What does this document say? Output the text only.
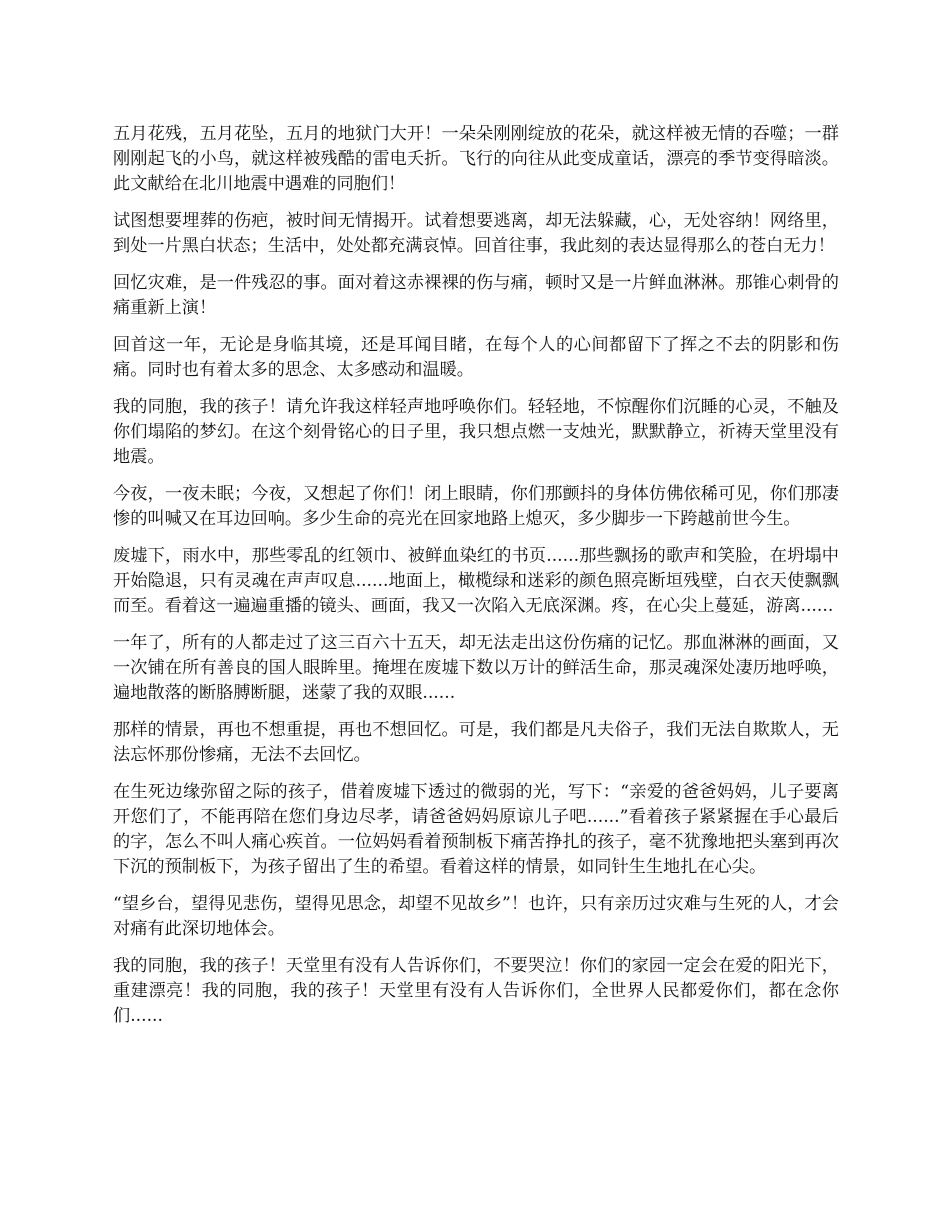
五月花残，五月花坠，五月的地狱门大开！一朵朵刚刚绽放的花朵，就这样被无情的吞噬；一群刚刚起飞的小鸟，就这样被残酷的雷电夭折。飞行的向往从此变成童话，漂亮的季节变得暗淡。此文献给在北川地震中遇难的同胞们！

试图想要埋葬的伤疤，被时间无情揭开。试着想要逃离，却无法躲藏，心，无处容纳！网络里，到处一片黑白状态；生活中，处处都充满哀悼。回首往事，我此刻的表达显得那么的苍白无力！

回忆灾难，是一件残忍的事。面对着这赤裸裸的伤与痛，顿时又是一片鲜血淋淋。那锥心刺骨的痛重新上演！

回首这一年，无论是身临其境，还是耳闻目睹，在每个人的心间都留下了挥之不去的阴影和伤痛。同时也有着太多的思念、太多感动和温暖。

我的同胞，我的孩子！请允许我这样轻声地呼唤你们。轻轻地，不惊醒你们沉睡的心灵，不触及你们塌陷的梦幻。在这个刻骨铭心的日子里，我只想点燃一支烛光，默默静立，祈祷天堂里没有地震。

今夜，一夜未眠；今夜，又想起了你们！闭上眼睛，你们那颤抖的身体仿佛依稀可见，你们那凄惨的叫喊又在耳边回响。多少生命的亮光在回家地路上熄灭，多少脚步一下跨越前世今生。

废墟下，雨水中，那些零乱的红领巾、被鲜血染红的书页......那些飘扬的歌声和笑脸，在坍塌中开始隐退，只有灵魂在声声叹息......地面上，橄榄绿和迷彩的颜色照亮断垣残壁，白衣天使飘飘而至。看着这一遍遍重播的镜头、画面，我又一次陷入无底深渊。疼，在心尖上蔓延，游离......

一年了，所有的人都走过了这三百六十五天，却无法走出这份伤痛的记忆。那血淋淋的画面，又一次铺在所有善良的国人眼眸里。掩埋在废墟下数以万计的鲜活生命，那灵魂深处凄历地呼唤，遍地散落的断胳膊断腿，迷蒙了我的双眼......

那样的情景，再也不想重提，再也不想回忆。可是，我们都是凡夫俗子，我们无法自欺欺人，无法忘怀那份惨痛，无法不去回忆。

在生死边缘弥留之际的孩子，借着废墟下透过的微弱的光，写下：“亲爱的爸爸妈妈，儿子要离开您们了，不能再陪在您们身边尽孝，请爸爸妈妈原谅儿子吧......”看着孩子紧紧握在手心最后的字，怎么不叫人痛心疾首。一位妈妈看着预制板下痛苦挣扎的孩子，毫不犹豫地把头塞到再次下沉的预制板下，为孩子留出了生的希望。看着这样的情景，如同针生生地扎在心尖。

“望乡台，望得见悲伤，望得见思念，却望不见故乡”！也许，只有亲历过灾难与生死的人，才会对痛有此深切地体会。

我的同胞，我的孩子！天堂里有没有人告诉你们，不要哭泣！你们的家园一定会在爱的阳光下，重建漂亮！我的同胞，我的孩子！天堂里有没有人告诉你们，全世界人民都爱你们，都在念你们......
